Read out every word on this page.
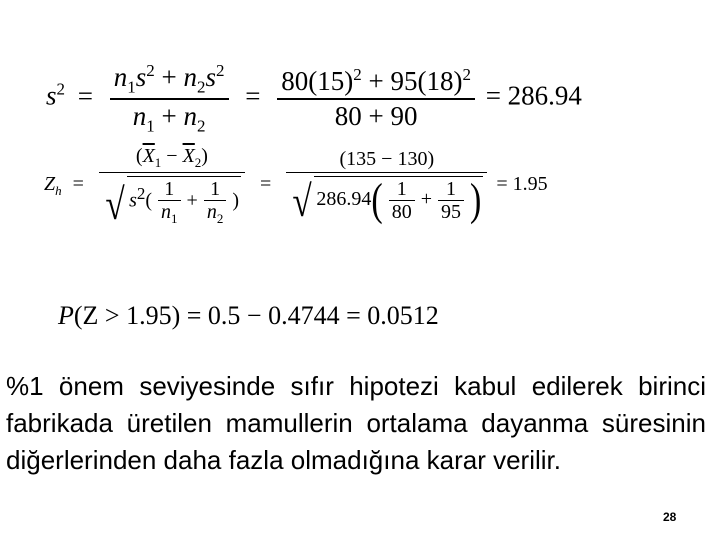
$s^2 = \frac{n_1s^2 + n_2s^2}{n_1 + n_2} = \frac{80(15)^2 + 95(18)^2}{80 + 90} = 286.94$
$Z_h$ =
$(\overline{X}_1 - \overline{X}_2)$
√ $s^2( \frac{1}{n_1} + \frac{1}{n_2}$ )
=
(135 − 130)
√ $286.94( \frac{1}{80} + \frac{1}{95}$ ) = 1.95
P(Z > 1.95) = 0.5 − 0.4744 = 0.0512
%1 önem seviyesinde sıfır hipotezi kabul edilerek birinci fabrikada üretilen mamullerin ortalama dayanma süresinin diğerlerinden daha fazla olmadığına karar verilir.
28
